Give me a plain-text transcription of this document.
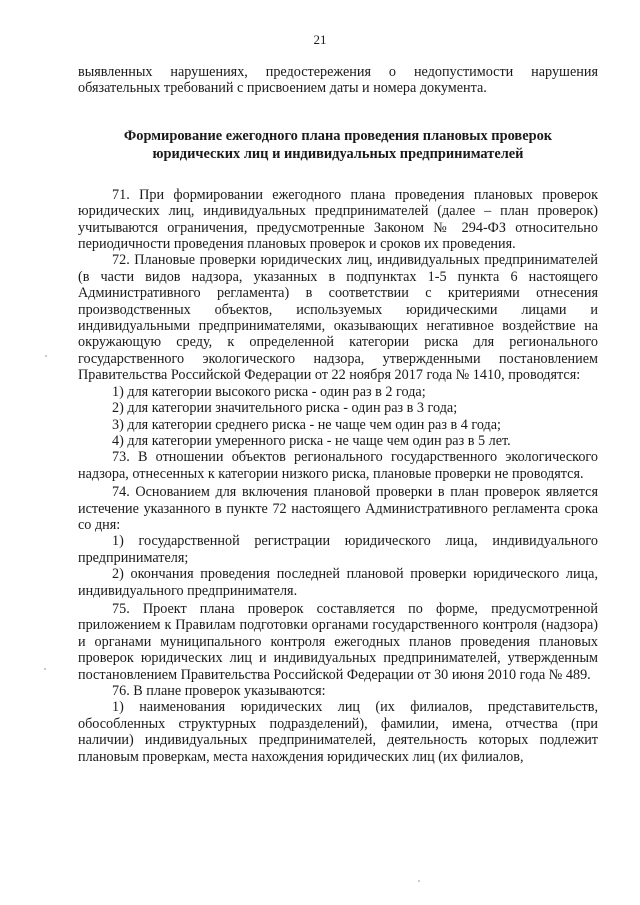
21

выявленных нарушениях, предостережения о недопустимости нарушения обязательных требований с присвоением даты и номера документа.

Формирование ежегодного плана проведения плановых проверок
юридических лиц и индивидуальных предпринимателей

71. При формировании ежегодного плана проведения плановых проверок юридических лиц, индивидуальных предпринимателей (далее – план проверок) учитываются ограничения, предусмотренные Законом № 294-ФЗ относительно периодичности проведения плановых проверок и сроков их проведения.

72. Плановые проверки юридических лиц, индивидуальных предпринимателей (в части видов надзора, указанных в подпунктах 1-5 пункта 6 настоящего Административного регламента) в соответствии с критериями отнесения производственных объектов, используемых юридическими лицами и индивидуальными предпринимателями, оказывающих негативное воздействие на окружающую среду, к определенной категории риска для регионального государственного экологического надзора, утвержденными постановлением Правительства Российской Федерации от 22 ноября 2017 года № 1410, проводятся:

1) для категории высокого риска - один раз в 2 года;

2) для категории значительного риска - один раз в 3 года;

3) для категории среднего риска - не чаще чем один раз в 4 года;

4) для категории умеренного риска - не чаще чем один раз в 5 лет.

73. В отношении объектов регионального государственного экологического надзора, отнесенных к категории низкого риска, плановые проверки не проводятся.

74. Основанием для включения плановой проверки в план проверок является истечение указанного в пункте 72 настоящего Административного регламента срока со дня:

1) государственной регистрации юридического лица, индивидуального предпринимателя;

2) окончания проведения последней плановой проверки юридического лица, индивидуального предпринимателя.

75. Проект плана проверок составляется по форме, предусмотренной приложением к Правилам подготовки органами государственного контроля (надзора) и органами муниципального контроля ежегодных планов проведения плановых проверок юридических лиц и индивидуальных предпринимателей, утвержденным постановлением Правительства Российской Федерации от 30 июня 2010 года № 489.

76. В плане проверок указываются:

1) наименования юридических лиц (их филиалов, представительств, обособленных структурных подразделений), фамилии, имена, отчества (при наличии) индивидуальных предпринимателей, деятельность которых подлежит плановым проверкам, места нахождения юридических лиц (их филиалов,
